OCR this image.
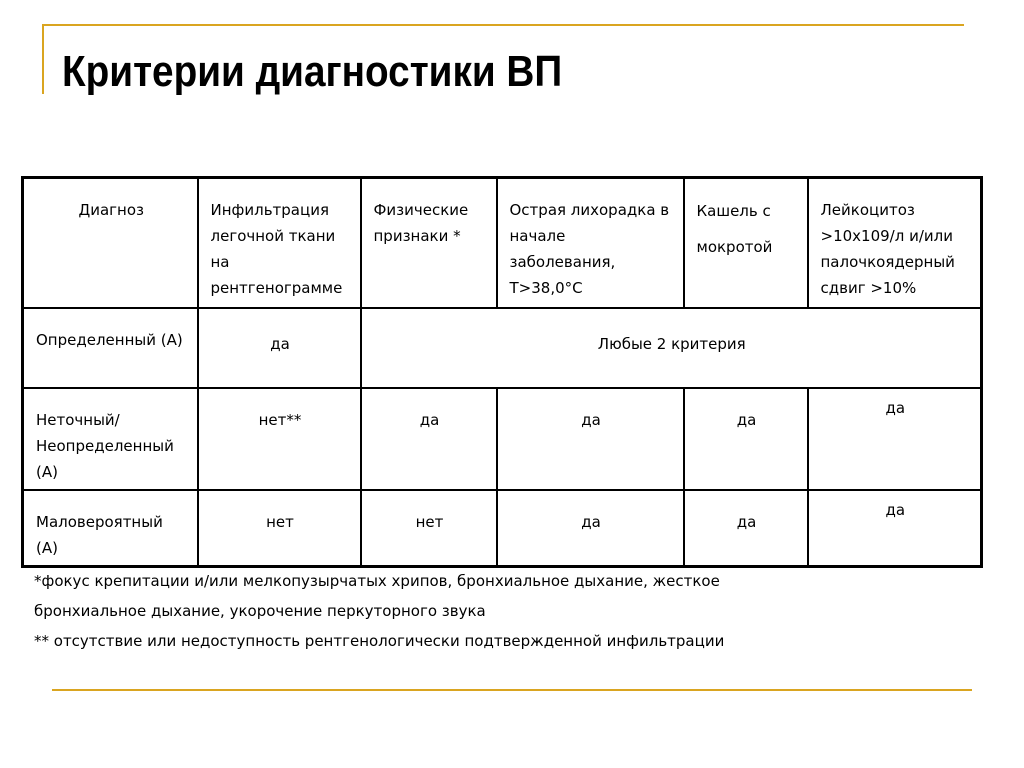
Критерии диагностики ВП
Диагноз	Инфильтрация легочной ткани на рентгенограмме	Физические признаки *	Острая лихорадка в начале заболевания, T>38,0°C	Кашель с мокротой	Лейкоцитоз >10x109/л и/или палочкоядерный сдвиг >10%
Определенный (А)	да	Любые 2 критерия			
Неточный/ Неопределенный (А)	нет**	да	да	да	да
Маловероятный (А)	нет	нет	да	да	да

*фокус крепитации и/или мелкопузырчатых хрипов, бронхиальное дыхание, жесткое

бронхиальное дыхание, укорочение перкуторного звука

** отсутствие или недоступность рентгенологически подтвержденной инфильтрации
